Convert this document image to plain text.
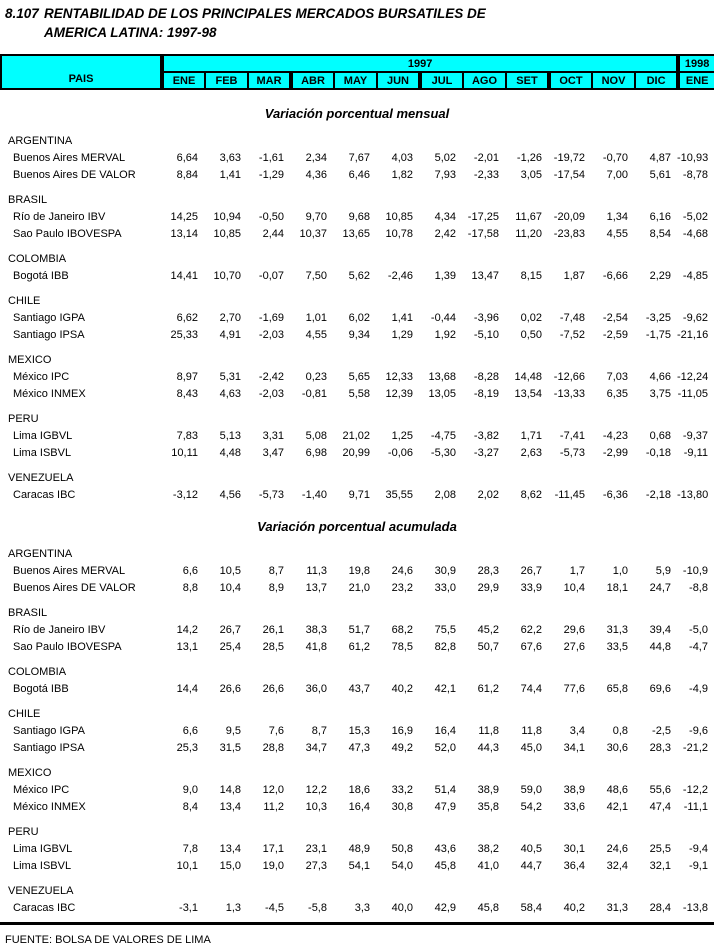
8.107 RENTABILIDAD DE LOS PRINCIPALES MERCADOS BURSATILES DE
AMERICA LATINA: 1997-98
PAIS	1997												1998
	ENE	FEB	MAR	ABR	MAY	JUN	JUL	AGO	SET	OCT	NOV	DIC	ENE
Variación porcentual mensual
ARGENTINA													
Buenos Aires MERVAL	6,64	3,63	-1,61	2,34	7,67	4,03	5,02	-2,01	-1,26	-19,72	-0,70	4,87	-10,93
Buenos Aires DE VALOR	8,84	1,41	-1,29	4,36	6,46	1,82	7,93	-2,33	3,05	-17,54	7,00	5,61	-8,78

BRASIL													
Río de Janeiro IBV	14,25	10,94	-0,50	9,70	9,68	10,85	4,34	-17,25	11,67	-20,09	1,34	6,16	-5,02
Sao Paulo IBOVESPA	13,14	10,85	2,44	10,37	13,65	10,78	2,42	-17,58	11,20	-23,83	4,55	8,54	-4,68

COLOMBIA													
Bogotá IBB	14,41	10,70	-0,07	7,50	5,62	-2,46	1,39	13,47	8,15	1,87	-6,66	2,29	-4,85

CHILE													
Santiago IGPA	6,62	2,70	-1,69	1,01	6,02	1,41	-0,44	-3,96	0,02	-7,48	-2,54	-3,25	-9,62
Santiago IPSA	25,33	4,91	-2,03	4,55	9,34	1,29	1,92	-5,10	0,50	-7,52	-2,59	-1,75	-21,16

MEXICO													
México IPC	8,97	5,31	-2,42	0,23	5,65	12,33	13,68	-8,28	14,48	-12,66	7,03	4,66	-12,24
México INMEX	8,43	4,63	-2,03	-0,81	5,58	12,39	13,05	-8,19	13,54	-13,33	6,35	3,75	-11,05

PERU													
Lima IGBVL	7,83	5,13	3,31	5,08	21,02	1,25	-4,75	-3,82	1,71	-7,41	-4,23	0,68	-9,37
Lima ISBVL	10,11	4,48	3,47	6,98	20,99	-0,06	-5,30	-3,27	2,63	-5,73	-2,99	-0,18	-9,11

VENEZUELA													
Caracas IBC	-3,12	4,56	-5,73	-1,40	9,71	35,55	2,08	2,02	8,62	-11,45	-6,36	-2,18	-13,80
Variación porcentual acumulada
ARGENTINA													
Buenos Aires MERVAL	6,6	10,5	8,7	11,3	19,8	24,6	30,9	28,3	26,7	1,7	1,0	5,9	-10,9
Buenos Aires DE VALOR	8,8	10,4	8,9	13,7	21,0	23,2	33,0	29,9	33,9	10,4	18,1	24,7	-8,8

BRASIL													
Río de Janeiro IBV	14,2	26,7	26,1	38,3	51,7	68,2	75,5	45,2	62,2	29,6	31,3	39,4	-5,0
Sao Paulo IBOVESPA	13,1	25,4	28,5	41,8	61,2	78,5	82,8	50,7	67,6	27,6	33,5	44,8	-4,7

COLOMBIA													
Bogotá IBB	14,4	26,6	26,6	36,0	43,7	40,2	42,1	61,2	74,4	77,6	65,8	69,6	-4,9

CHILE													
Santiago IGPA	6,6	9,5	7,6	8,7	15,3	16,9	16,4	11,8	11,8	3,4	0,8	-2,5	-9,6
Santiago IPSA	25,3	31,5	28,8	34,7	47,3	49,2	52,0	44,3	45,0	34,1	30,6	28,3	-21,2

MEXICO													
México IPC	9,0	14,8	12,0	12,2	18,6	33,2	51,4	38,9	59,0	38,9	48,6	55,6	-12,2
México INMEX	8,4	13,4	11,2	10,3	16,4	30,8	47,9	35,8	54,2	33,6	42,1	47,4	-11,1

PERU													
Lima IGBVL	7,8	13,4	17,1	23,1	48,9	50,8	43,6	38,2	40,5	30,1	24,6	25,5	-9,4
Lima ISBVL	10,1	15,0	19,0	27,3	54,1	54,0	45,8	41,0	44,7	36,4	32,4	32,1	-9,1

VENEZUELA													
Caracas IBC	-3,1	1,3	-4,5	-5,8	3,3	40,0	42,9	45,8	58,4	40,2	31,3	28,4	-13,8
FUENTE: BOLSA DE VALORES DE LIMA
